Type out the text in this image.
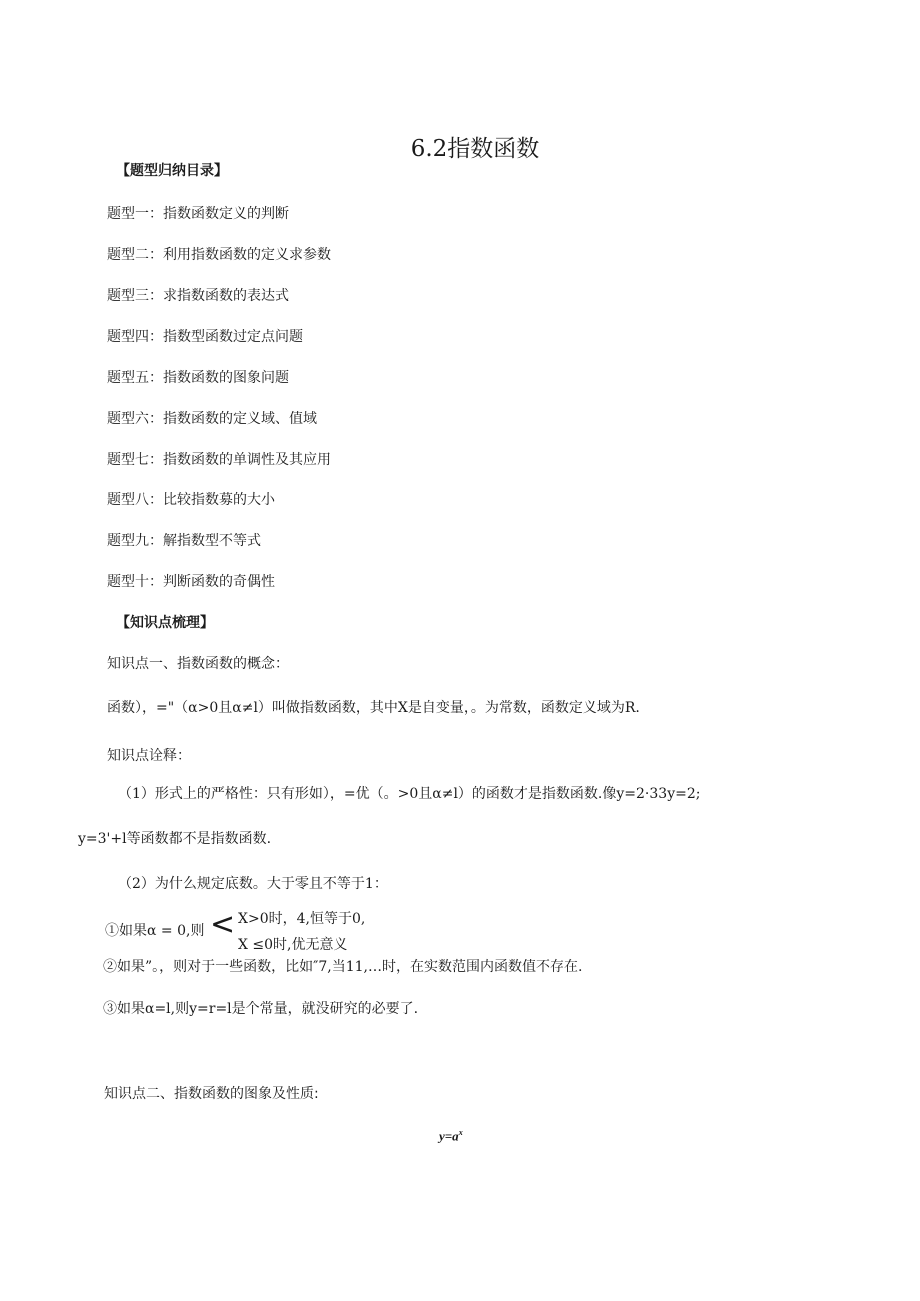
6.2指数函数
【题型归纳目录】
题型一：指数函数定义的判断
题型二：利用指数函数的定义求参数
题型三：求指数函数的表达式
题型四：指数型函数过定点问题
题型五：指数函数的图象问题
题型六：指数函数的定义域、值域
题型七：指数函数的单调性及其应用
题型八：比较指数募的大小
题型九：解指数型不等式
题型十：判断函数的奇偶性
【知识点梳理】
知识点一、指数函数的概念：
函数），="（α>0且α≠l）叫做指数函数，其中X是自变量，。为常数，函数定义域为R.
知识点诠释：
（1）形式上的严格性：只有形如），=优（。>0且α≠l）的函数才是指数函数.像y=2·33y=2;
y=3'+l等函数都不是指数函数.
（2）为什么规定底数。大于零且不等于1：
①如果α = 0,则 < X>0时，4,恒等于0,
X ≤0时,优无意义
②如果”。，则对于一些函数，比如″7,当11,…时，在实数范围内函数值不存在.
③如果α=l,则y=r=l是个常量，就没研究的必要了.
知识点二、指数函数的图象及性质:
$y=a^x$
